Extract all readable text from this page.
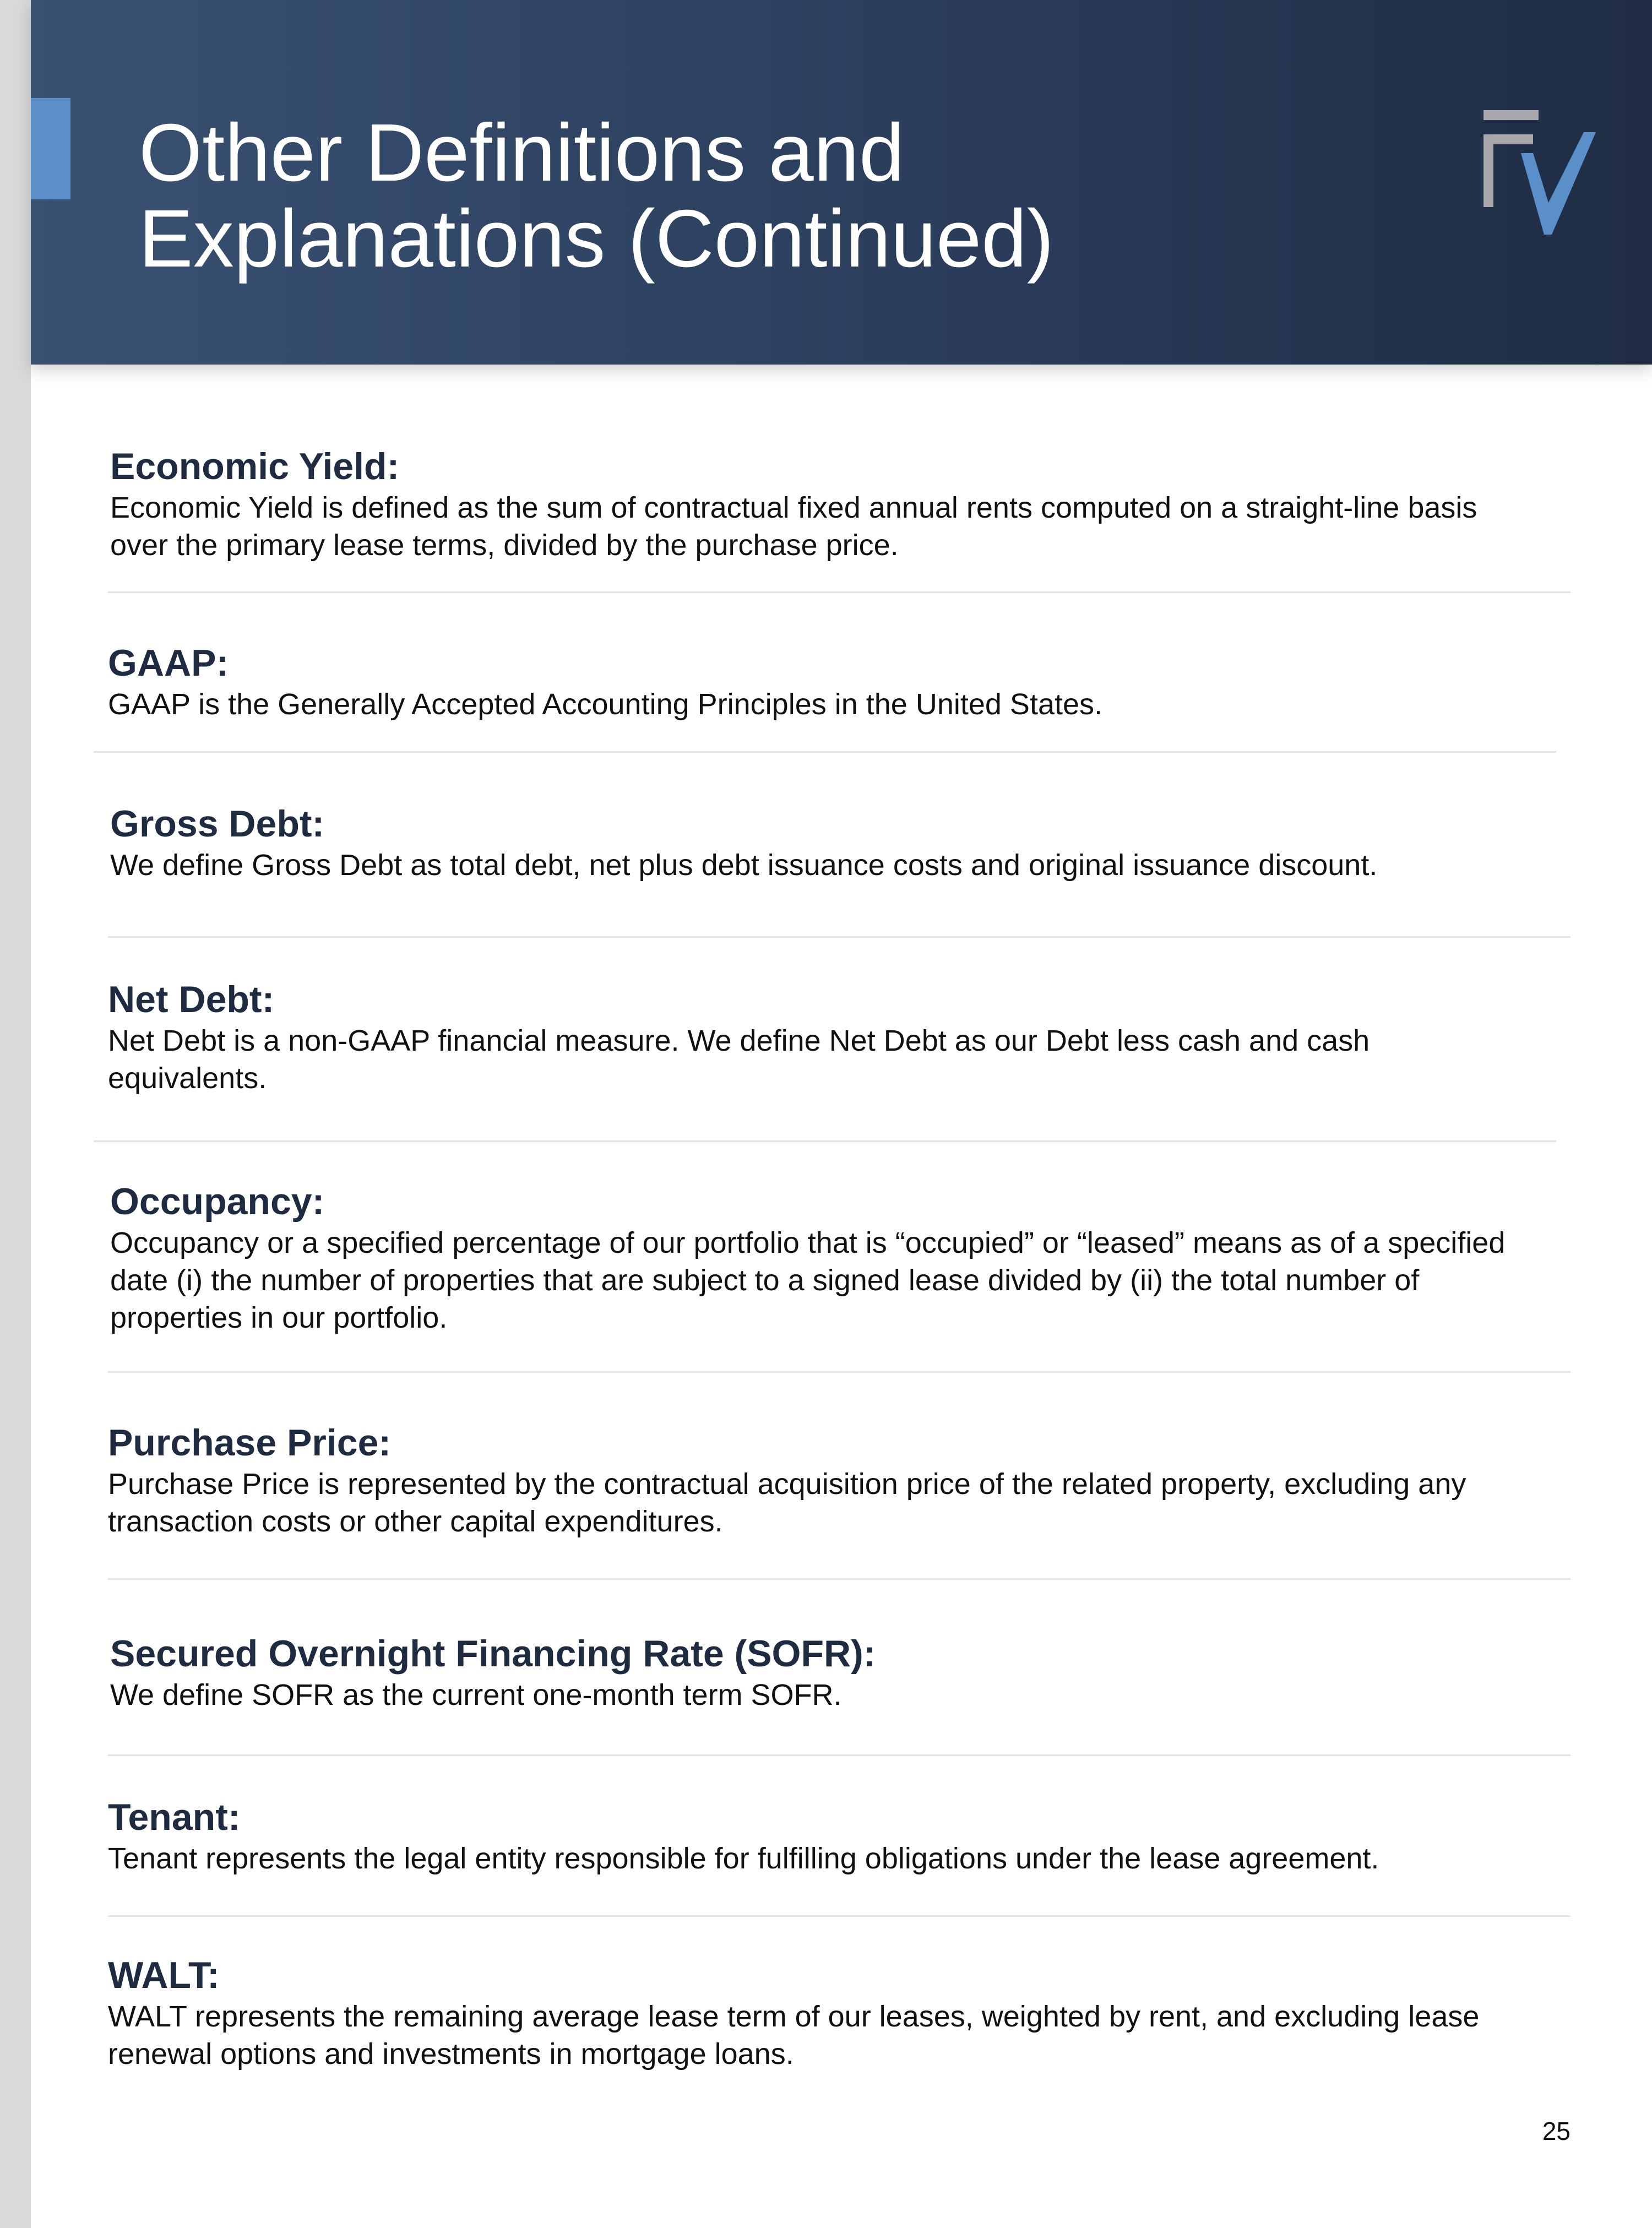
Other Definitions and
Explanations (Continued)
Economic Yield:

Economic Yield is defined as the sum of contractual fixed annual rents computed on a straight-line basis

over the primary lease terms, divided by the purchase price.

GAAP:

GAAP is the Generally Accepted Accounting Principles in the United States.

Gross Debt:

We define Gross Debt as total debt, net plus debt issuance costs and original issuance discount.

Net Debt:

Net Debt is a non-GAAP financial measure. We define Net Debt as our Debt less cash and cash

equivalents.

Occupancy:

Occupancy or a specified percentage of our portfolio that is “occupied” or “leased” means as of a specified

date (i) the number of properties that are subject to a signed lease divided by (ii) the total number of

properties in our portfolio.

Purchase Price:

Purchase Price is represented by the contractual acquisition price of the related property, excluding any

transaction costs or other capital expenditures.

Secured Overnight Financing Rate (SOFR):

We define SOFR as the current one-month term SOFR.

Tenant:

Tenant represents the legal entity responsible for fulfilling obligations under the lease agreement.

WALT:

WALT represents the remaining average lease term of our leases, weighted by rent, and excluding lease

renewal options and investments in mortgage loans.

25
